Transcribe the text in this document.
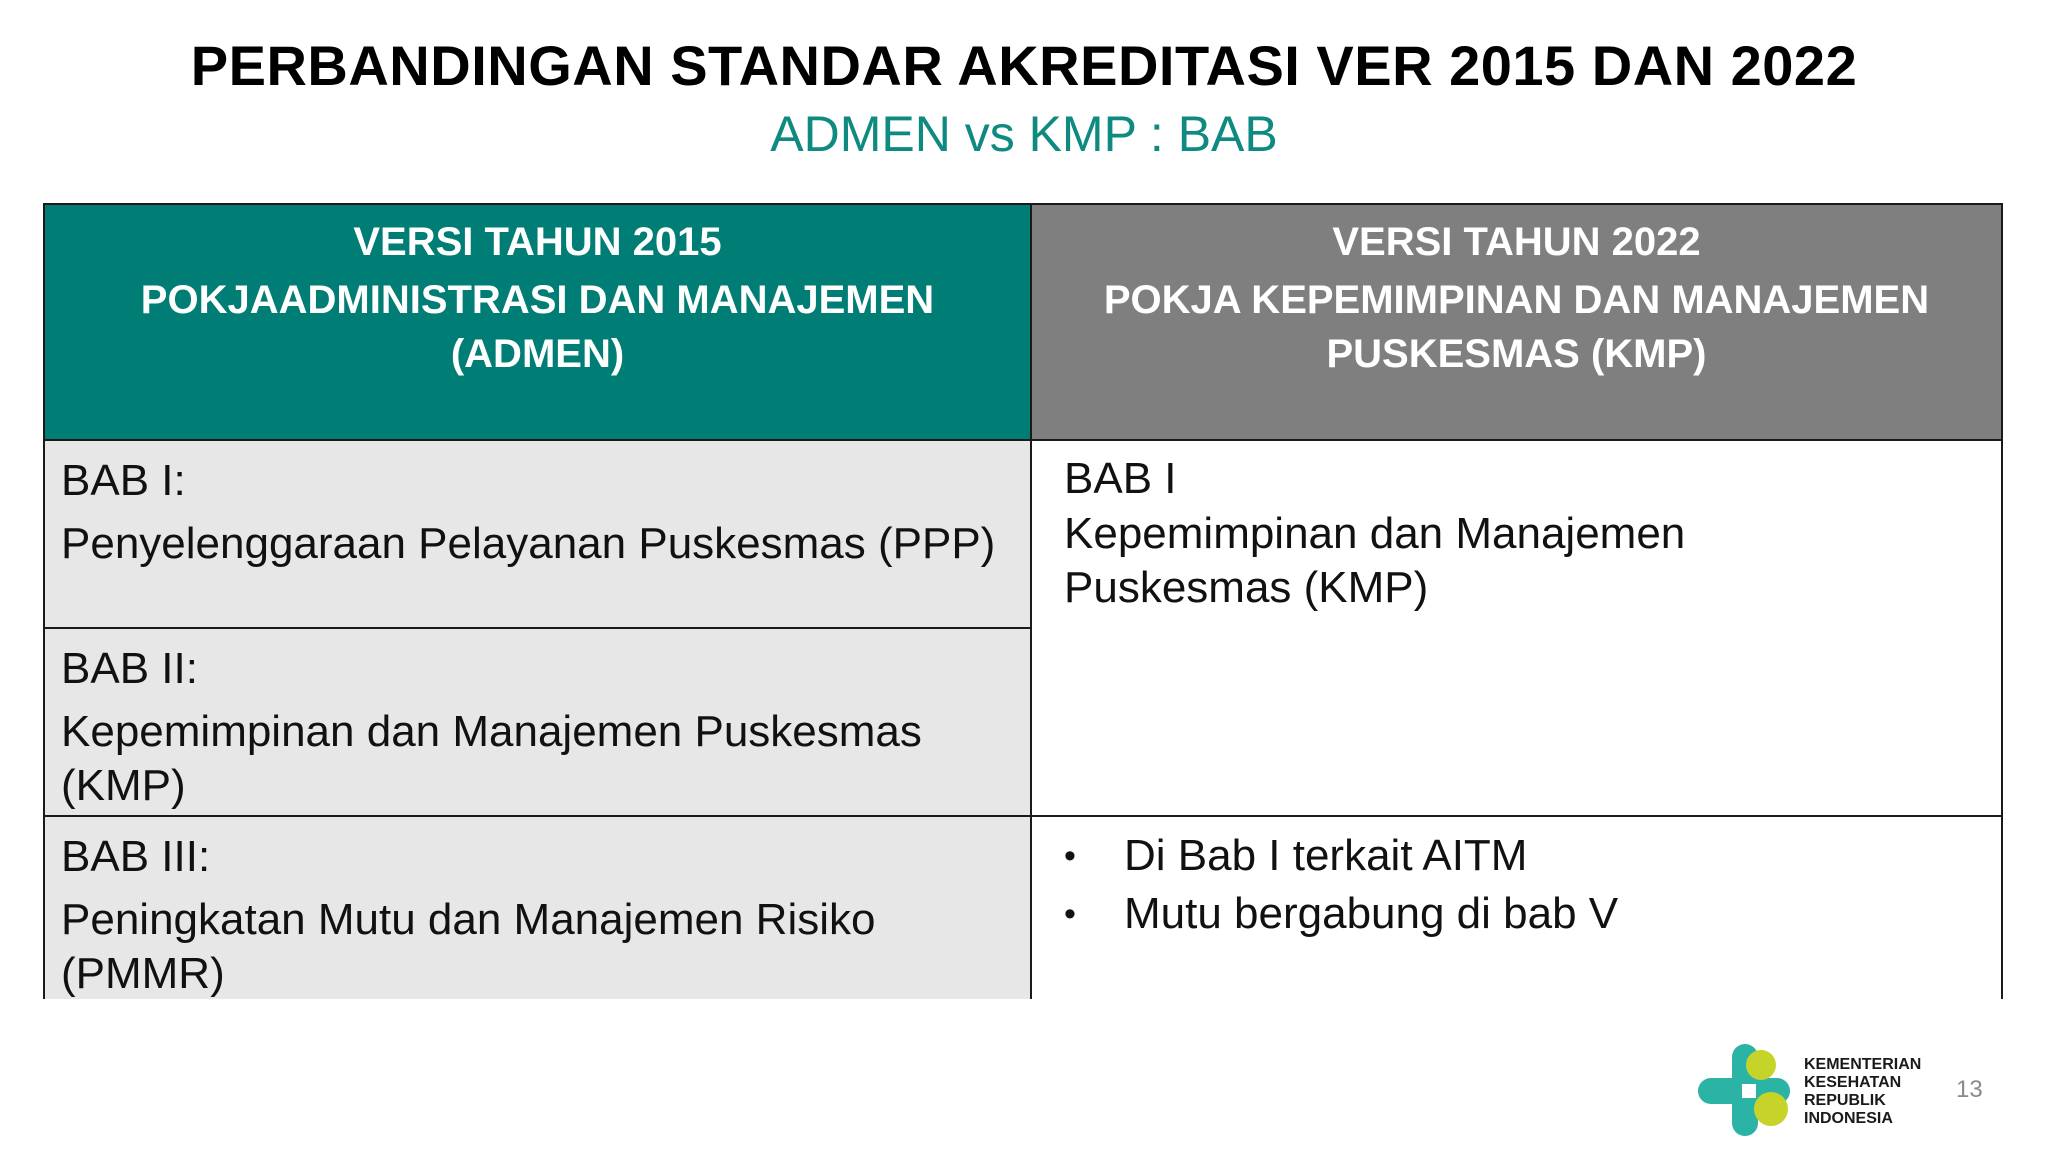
PERBANDINGAN STANDAR AKREDITASI VER 2015 DAN 2022
ADMEN vs KMP : BAB
VERSI TAHUN 2015
POKJAADMINISTRASI DAN MANAJEMEN
(ADMEN)
VERSI TAHUN 2022
POKJA KEPEMIMPINAN DAN MANAJEMEN
PUSKESMAS (KMP)
BAB I:
Penyelenggaraan Pelayanan Puskesmas (PPP)
BAB II:
Kepemimpinan dan Manajemen Puskesmas (KMP)
BAB III:
Peningkatan Mutu dan Manajemen Risiko (PMMR)
BAB I
Kepemimpinan dan Manajemen Puskesmas (KMP)
• Di Bab I terkait AITM
• Mutu bergabung di bab V
KEMENTERIAN
KESEHATAN
REPUBLIK
INDONESIA
13
